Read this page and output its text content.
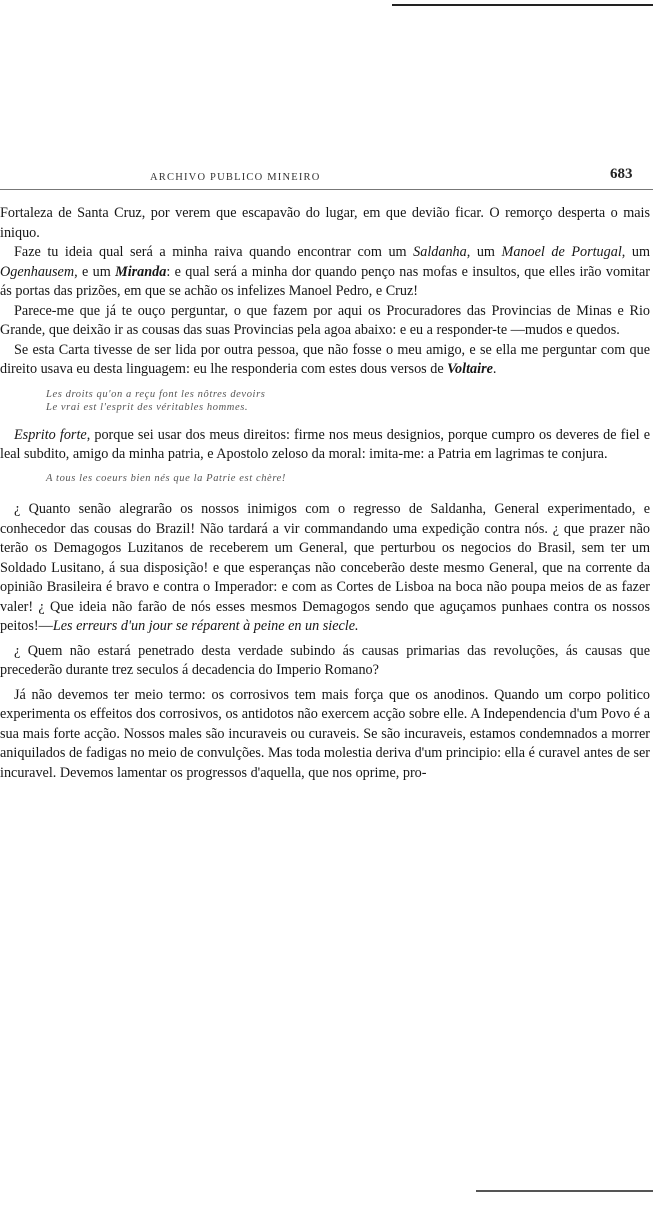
ARCHIVO PUBLICO MINEIRO	683

Fortaleza de Santa Cruz, por verem que escapavão do lugar, em que devião ficar. O remorço desperta o mais iniquo.

Faze tu ideia qual será a minha raiva quando encontrar com um Saldanha, um Manoel de Portugal, um Ogenhausem, e um Miranda: e qual será a minha dor quando penço nas mofas e insultos, que elles irão vomitar ás portas das prizões, em que se achão os infelizes Manoel Pedro, e Cruz!

Parece-me que já te ouço perguntar, o que fazem por aqui os Procuradores das Provincias de Minas e Rio Grande, que deixão ir as cousas das suas Provincias pela agoa abaixo: e eu a responder-te —mudos e quedos.

Se esta Carta tivesse de ser lida por outra pessoa, que não fosse o meu amigo, e se ella me perguntar com que direito usava eu desta linguagem: eu lhe responderia com estes dous versos de Voltaire.

Les droits qu'on a reçu font les nôtres devoirs
Le vrai est l'esprit des véritables hommes.

Esprito forte, porque sei usar dos meus direitos: firme nos meus designios, porque cumpro os deveres de fiel e leal subdito, amigo da minha patria, e Apostolo zeloso da moral: imita-me: a Patria em lagrimas te conjura.

A tous les coeurs bien nés que la Patrie est chère!

¿ Quanto senão alegrarão os nossos inimigos com o regresso de Saldanha, General experimentado, e conhecedor das cousas do Brazil! Não tardará a vir commandando uma expedição contra nós. ¿ que prazer não terão os Demagogos Luzitanos de receberem um General, que perturbou os negocios do Brasil, sem ter um Soldado Lusitano, á sua disposição! e que esperanças não conceberão deste mesmo General, que na corrente da opinião Brasileira é bravo e contra o Imperador: e com as Cortes de Lisboa na boca não poupa meios de as fazer valer! ¿ Que ideia não farão de nós esses mesmos Demagogos sendo que aguçamos punhaes contra os nossos peitos!—Les erreurs d'un jour se réparent à peine en un siecle.

¿ Quem não estará penetrado desta verdade subindo ás causas primarias das revoluções, ás causas que precederão durante trez seculos á decadencia do Imperio Romano?

Já não devemos ter meio termo: os corrosivos tem mais força que os anodinos. Quando um corpo politico experimenta os effeitos dos corrosivos, os antidotos não exercem acção sobre elle. A Independencia d'um Povo é a sua mais forte acção. Nossos males são incuraveis ou curaveis. Se são incuraveis, estamos condemnados a morrer aniquilados de fadigas no meio de convulções. Mas toda molestia deriva d'um principio: ella é curavel antes de ser incuravel. Devemos lamentar os progressos d'aquella, que nos oprime, pro-
